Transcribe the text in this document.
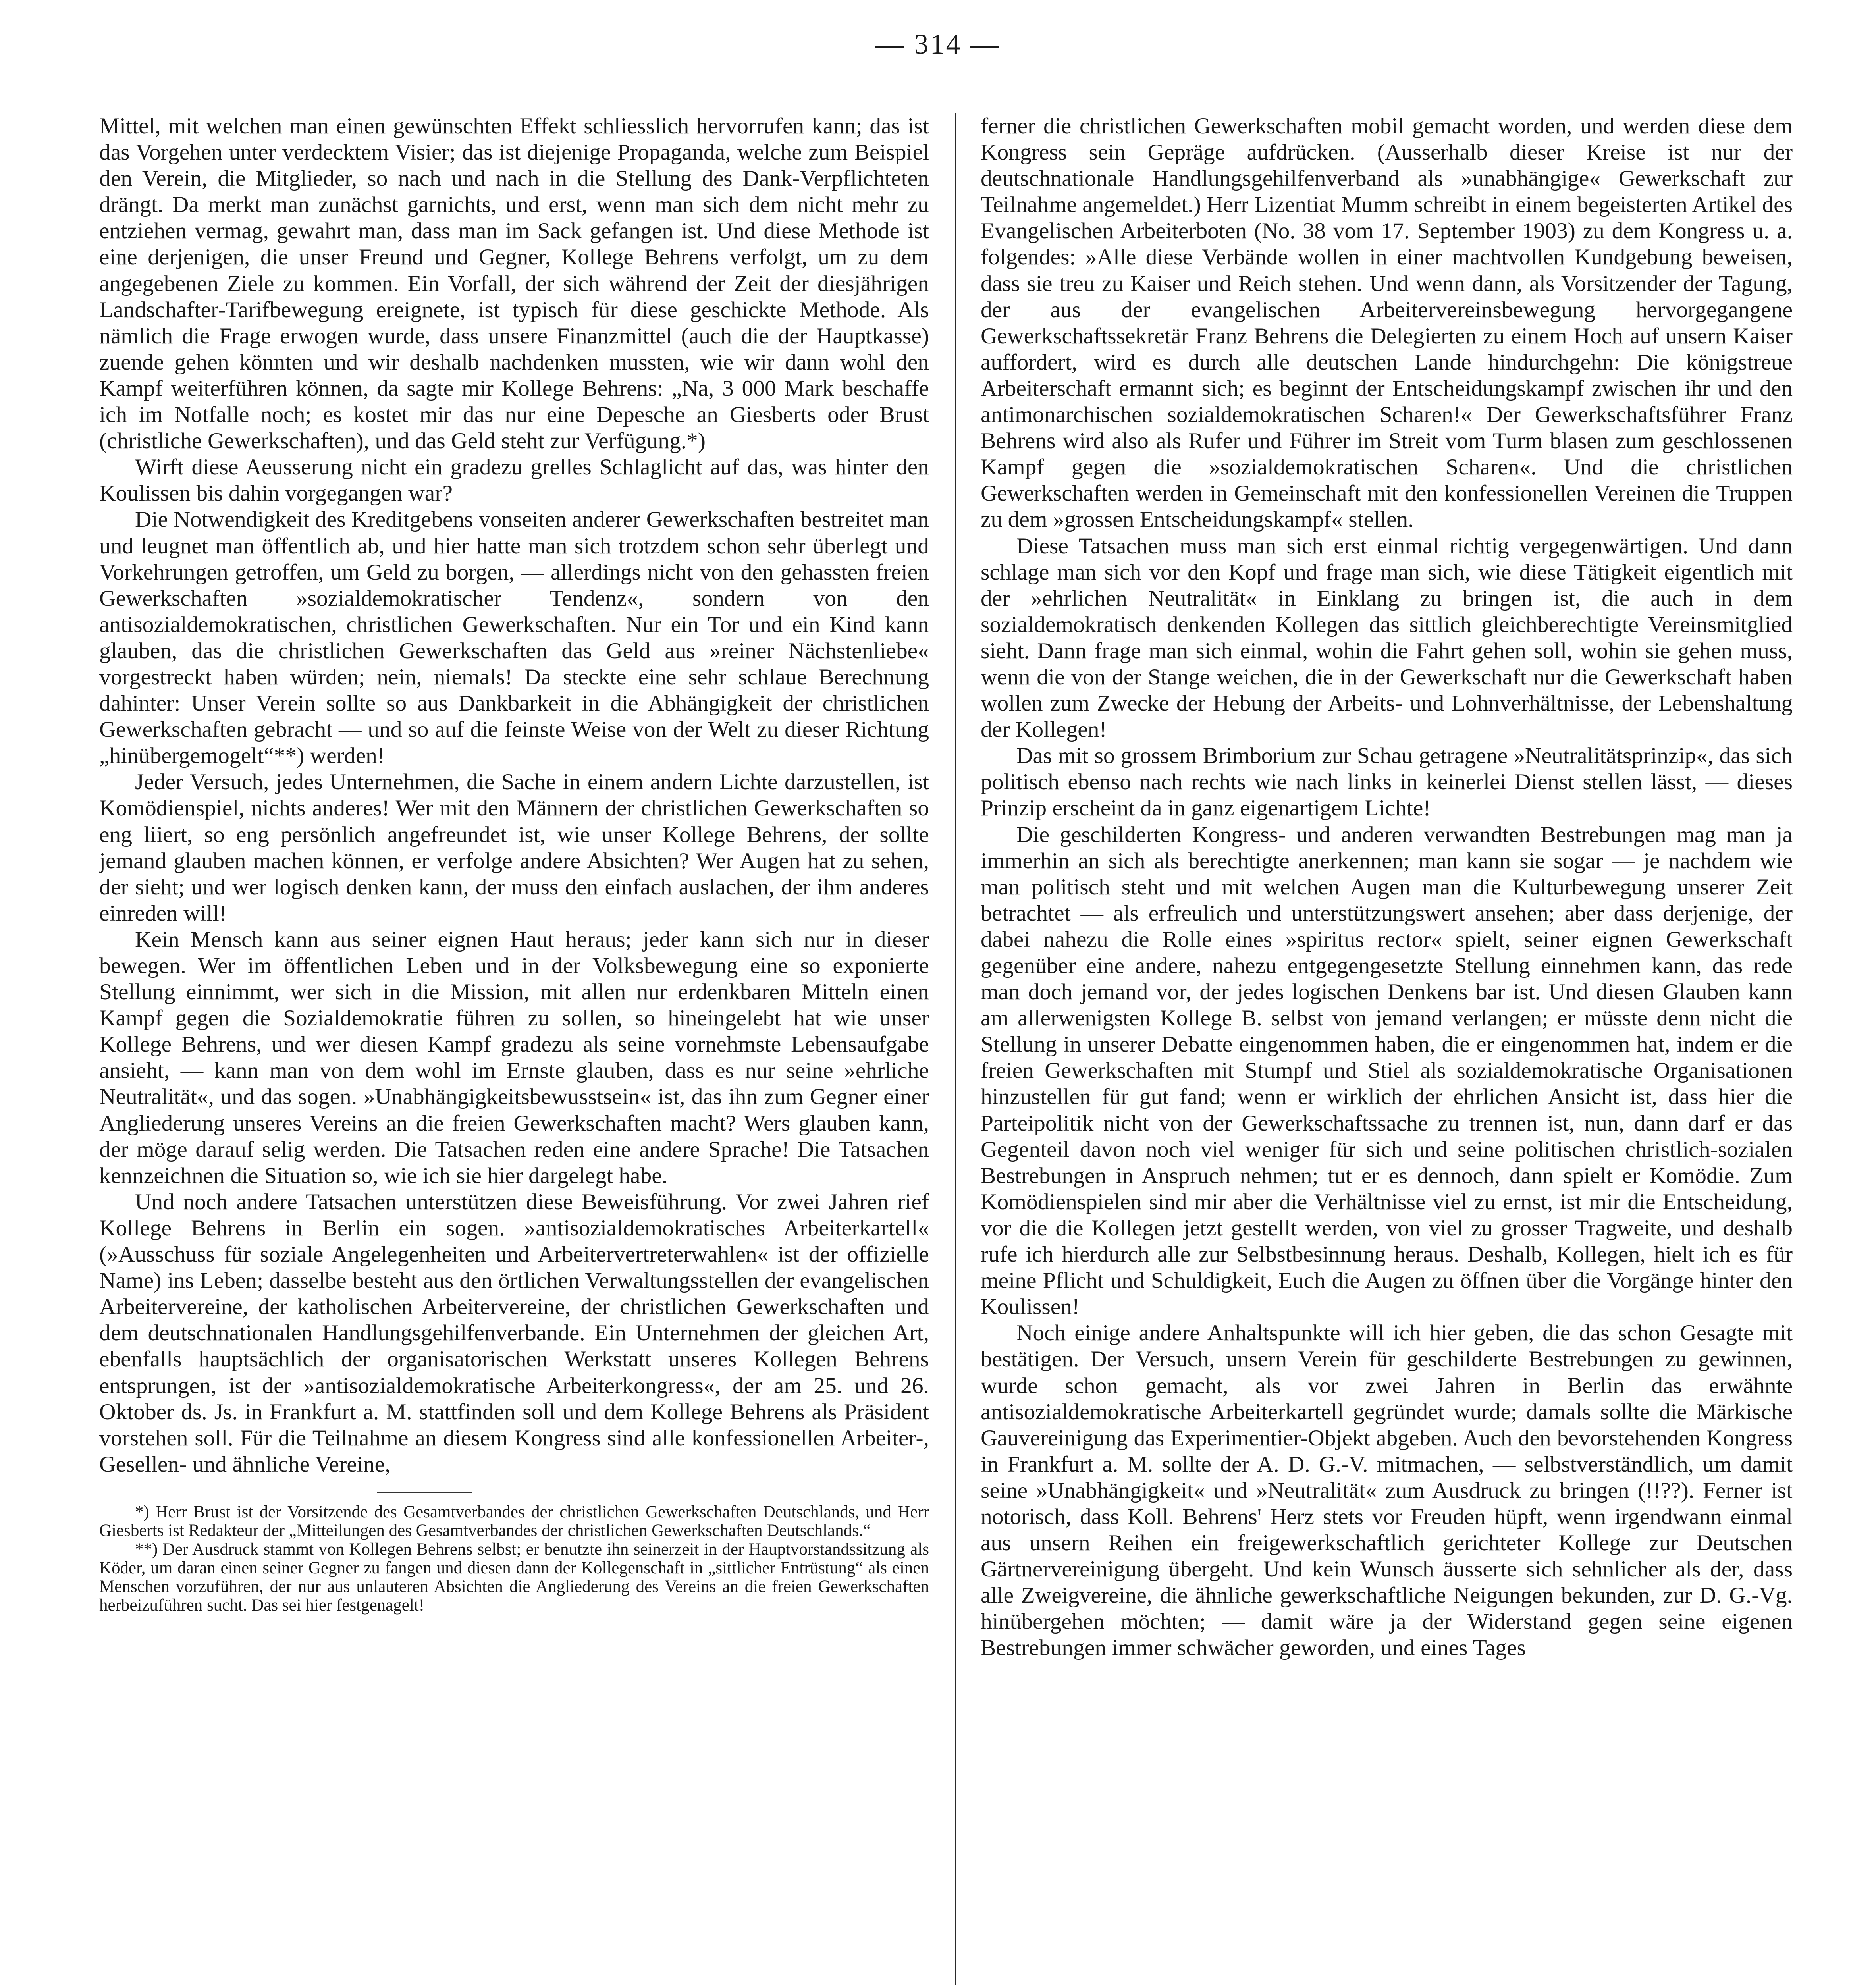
— 314 —

Mittel, mit welchen man einen gewünschten Effekt schliesslich hervorrufen kann; das ist das Vorgehen unter verdecktem Visier; das ist diejenige Propaganda, welche zum Beispiel den Verein, die Mitglieder, so nach und nach in die Stellung des Dank-Verpflichteten drängt. Da merkt man zunächst garnichts, und erst, wenn man sich dem nicht mehr zu entziehen vermag, gewahrt man, dass man im Sack gefangen ist. Und diese Methode ist eine derjenigen, die unser Freund und Gegner, Kollege Behrens verfolgt, um zu dem angegebenen Ziele zu kommen. Ein Vorfall, der sich während der Zeit der diesjährigen Landschafter-Tarifbewegung ereignete, ist typisch für diese geschickte Methode. Als nämlich die Frage erwogen wurde, dass unsere Finanzmittel (auch die der Hauptkasse) zuende gehen könnten und wir deshalb nachdenken mussten, wie wir dann wohl den Kampf weiterführen können, da sagte mir Kollege Behrens: „Na, 3 000 Mark beschaffe ich im Notfalle noch; es kostet mir das nur eine Depesche an Giesberts oder Brust (christliche Gewerkschaften), und das Geld steht zur Verfügung.*)

Wirft diese Aeusserung nicht ein gradezu grelles Schlaglicht auf das, was hinter den Koulissen bis dahin vorgegangen war?

Die Notwendigkeit des Kreditgebens vonseiten anderer Gewerkschaften bestreitet man und leugnet man öffentlich ab, und hier hatte man sich trotzdem schon sehr überlegt und Vorkehrungen getroffen, um Geld zu borgen, — allerdings nicht von den gehassten freien Gewerkschaften »sozialdemokratischer Tendenz«, sondern von den antisozialdemokratischen, christlichen Gewerkschaften. Nur ein Tor und ein Kind kann glauben, das die christlichen Gewerkschaften das Geld aus »reiner Nächstenliebe« vorgestreckt haben würden; nein, niemals! Da steckte eine sehr schlaue Berechnung dahinter: Unser Verein sollte so aus Dankbarkeit in die Abhängigkeit der christlichen Gewerkschaften gebracht — und so auf die feinste Weise von der Welt zu dieser Richtung „hinübergemogelt“**) werden!

Jeder Versuch, jedes Unternehmen, die Sache in einem andern Lichte darzustellen, ist Komödienspiel, nichts anderes! Wer mit den Männern der christlichen Gewerkschaften so eng liiert, so eng persönlich angefreundet ist, wie unser Kollege Behrens, der sollte jemand glauben machen können, er verfolge andere Absichten? Wer Augen hat zu sehen, der sieht; und wer logisch denken kann, der muss den einfach auslachen, der ihm anderes einreden will!

Kein Mensch kann aus seiner eignen Haut heraus; jeder kann sich nur in dieser bewegen. Wer im öffentlichen Leben und in der Volksbewegung eine so exponierte Stellung einnimmt, wer sich in die Mission, mit allen nur erdenkbaren Mitteln einen Kampf gegen die Sozialdemokratie führen zu sollen, so hineingelebt hat wie unser Kollege Behrens, und wer diesen Kampf gradezu als seine vornehmste Lebensaufgabe ansieht, — kann man von dem wohl im Ernste glauben, dass es nur seine »ehrliche Neutralität«, und das sogen. »Unabhängigkeitsbewusstsein« ist, das ihn zum Gegner einer Angliederung unseres Vereins an die freien Gewerkschaften macht? Wers glauben kann, der möge darauf selig werden. Die Tatsachen reden eine andere Sprache! Die Tatsachen kennzeichnen die Situation so, wie ich sie hier dargelegt habe.

Und noch andere Tatsachen unterstützen diese Beweisführung. Vor zwei Jahren rief Kollege Behrens in Berlin ein sogen. »antisozialdemokratisches Arbeiterkartell« (»Ausschuss für soziale Angelegenheiten und Arbeitervertreterwahlen« ist der offizielle Name) ins Leben; dasselbe besteht aus den örtlichen Verwaltungsstellen der evangelischen Arbeitervereine, der katholischen Arbeitervereine, der christlichen Gewerkschaften und dem deutschnationalen Handlungsgehilfenverbande. Ein Unternehmen der gleichen Art, ebenfalls hauptsächlich der organisatorischen Werkstatt unseres Kollegen Behrens entsprungen, ist der »antisozialdemokratische Arbeiterkongress«, der am 25. und 26. Oktober ds. Js. in Frankfurt a. M. stattfinden soll und dem Kollege Behrens als Präsident vorstehen soll. Für die Teilnahme an diesem Kongress sind alle konfessionellen Arbeiter-, Gesellen- und ähnliche Vereine,

*) Herr Brust ist der Vorsitzende des Gesamtverbandes der christlichen Gewerkschaften Deutschlands, und Herr Giesberts ist Redakteur der „Mitteilungen des Gesamtverbandes der christlichen Gewerkschaften Deutschlands.“

**) Der Ausdruck stammt von Kollegen Behrens selbst; er benutzte ihn seinerzeit in der Hauptvorstandssitzung als Köder, um daran einen seiner Gegner zu fangen und diesen dann der Kollegenschaft in „sittlicher Entrüstung“ als einen Menschen vorzuführen, der nur aus unlauteren Absichten die Angliederung des Vereins an die freien Gewerkschaften herbeizuführen sucht. Das sei hier festgenagelt!

ferner die christlichen Gewerkschaften mobil gemacht worden, und werden diese dem Kongress sein Gepräge aufdrücken. (Ausserhalb dieser Kreise ist nur der deutschnationale Handlungsgehilfenverband als »unabhängige« Gewerkschaft zur Teilnahme angemeldet.) Herr Lizentiat Mumm schreibt in einem begeisterten Artikel des Evangelischen Arbeiterboten (No. 38 vom 17. September 1903) zu dem Kongress u. a. folgendes: »Alle diese Verbände wollen in einer machtvollen Kundgebung beweisen, dass sie treu zu Kaiser und Reich stehen. Und wenn dann, als Vorsitzender der Tagung, der aus der evangelischen Arbeitervereinsbewegung hervorgegangene Gewerkschaftssekretär Franz Behrens die Delegierten zu einem Hoch auf unsern Kaiser auffordert, wird es durch alle deutschen Lande hindurchgehn: Die königstreue Arbeiterschaft ermannt sich; es beginnt der Entscheidungskampf zwischen ihr und den antimonarchischen sozialdemokratischen Scharen!« Der Gewerkschaftsführer Franz Behrens wird also als Rufer und Führer im Streit vom Turm blasen zum geschlossenen Kampf gegen die »sozialdemokratischen Scharen«. Und die christlichen Gewerkschaften werden in Gemeinschaft mit den konfessionellen Vereinen die Truppen zu dem »grossen Entscheidungskampf« stellen.

Diese Tatsachen muss man sich erst einmal richtig vergegenwärtigen. Und dann schlage man sich vor den Kopf und frage man sich, wie diese Tätigkeit eigentlich mit der »ehrlichen Neutralität« in Einklang zu bringen ist, die auch in dem sozialdemokratisch denkenden Kollegen das sittlich gleichberechtigte Vereinsmitglied sieht. Dann frage man sich einmal, wohin die Fahrt gehen soll, wohin sie gehen muss, wenn die von der Stange weichen, die in der Gewerkschaft nur die Gewerkschaft haben wollen zum Zwecke der Hebung der Arbeits- und Lohnverhältnisse, der Lebenshaltung der Kollegen!

Das mit so grossem Brimborium zur Schau getragene »Neutralitätsprinzip«, das sich politisch ebenso nach rechts wie nach links in keinerlei Dienst stellen lässt, — dieses Prinzip erscheint da in ganz eigenartigem Lichte!

Die geschilderten Kongress- und anderen verwandten Bestrebungen mag man ja immerhin an sich als berechtigte anerkennen; man kann sie sogar — je nachdem wie man politisch steht und mit welchen Augen man die Kulturbewegung unserer Zeit betrachtet — als erfreulich und unterstützungswert ansehen; aber dass derjenige, der dabei nahezu die Rolle eines »spiritus rector« spielt, seiner eignen Gewerkschaft gegenüber eine andere, nahezu entgegengesetzte Stellung einnehmen kann, das rede man doch jemand vor, der jedes logischen Denkens bar ist. Und diesen Glauben kann am allerwenigsten Kollege B. selbst von jemand verlangen; er müsste denn nicht die Stellung in unserer Debatte eingenommen haben, die er eingenommen hat, indem er die freien Gewerkschaften mit Stumpf und Stiel als sozialdemokratische Organisationen hinzustellen für gut fand; wenn er wirklich der ehrlichen Ansicht ist, dass hier die Parteipolitik nicht von der Gewerkschaftssache zu trennen ist, nun, dann darf er das Gegenteil davon noch viel weniger für sich und seine politischen christlich-sozialen Bestrebungen in Anspruch nehmen; tut er es dennoch, dann spielt er Komödie. Zum Komödienspielen sind mir aber die Verhältnisse viel zu ernst, ist mir die Entscheidung, vor die die Kollegen jetzt gestellt werden, von viel zu grosser Tragweite, und deshalb rufe ich hierdurch alle zur Selbstbesinnung heraus. Deshalb, Kollegen, hielt ich es für meine Pflicht und Schuldigkeit, Euch die Augen zu öffnen über die Vorgänge hinter den Koulissen!

Noch einige andere Anhaltspunkte will ich hier geben, die das schon Gesagte mit bestätigen. Der Versuch, unsern Verein für geschilderte Bestrebungen zu gewinnen, wurde schon gemacht, als vor zwei Jahren in Berlin das erwähnte antisozialdemokratische Arbeiterkartell gegründet wurde; damals sollte die Märkische Gauvereinigung das Experimentier-Objekt abgeben. Auch den bevorstehenden Kongress in Frankfurt a. M. sollte der A. D. G.-V. mitmachen, — selbstverständlich, um damit seine »Unabhängigkeit« und »Neutralität« zum Ausdruck zu bringen (!!??). Ferner ist notorisch, dass Koll. Behrens' Herz stets vor Freuden hüpft, wenn irgendwann einmal aus unsern Reihen ein freigewerkschaftlich gerichteter Kollege zur Deutschen Gärtnervereinigung übergeht. Und kein Wunsch äusserte sich sehnlicher als der, dass alle Zweigvereine, die ähnliche gewerkschaftliche Neigungen bekunden, zur D. G.-Vg. hinübergehen möchten; — damit wäre ja der Widerstand gegen seine eigenen Bestrebungen immer schwächer geworden, und eines Tages
